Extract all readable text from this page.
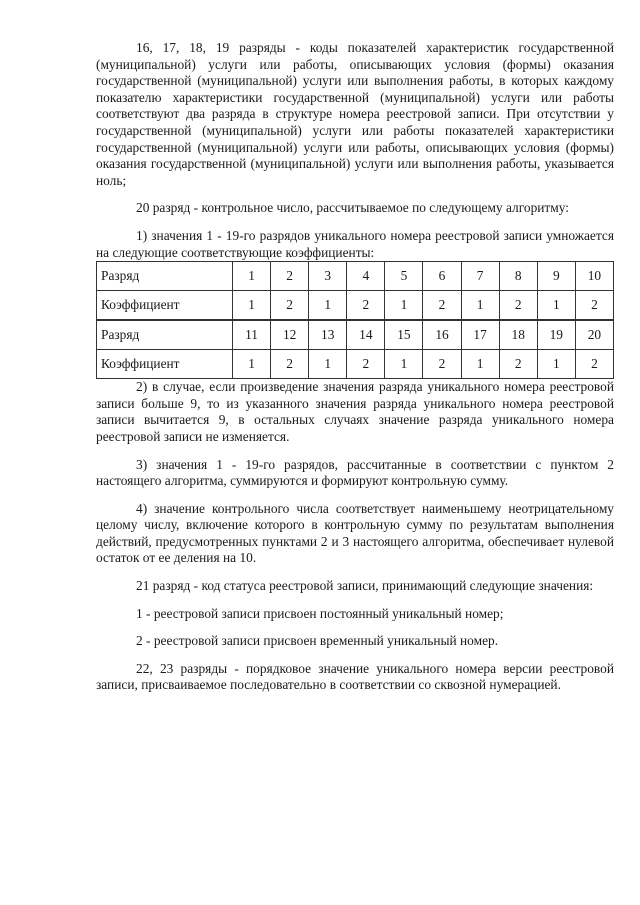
16, 17, 18, 19 разряды - коды показателей характеристик государственной (муниципальной) услуги или работы, описывающих условия (формы) оказания государственной (муниципальной) услуги или выполнения работы, в которых каждому показателю характеристики государственной (муниципальной) услуги или работы соответствуют два разряда в структуре номера реестровой записи. При отсутствии у государственной (муниципальной) услуги или работы показателей характеристики государственной (муниципальной) услуги или работы, описывающих условия (формы) оказания государственной (муниципальной) услуги или выполнения работы, указывается ноль;

20 разряд - контрольное число, рассчитываемое по следующему алгоритму:

1) значения 1 - 19-го разрядов уникального номера реестровой записи умножается на следующие соответствующие коэффициенты:

Разряд	1	2	3	4	5	6	7	8	9	10
Коэффициент	1	2	1	2	1	2	1	2	1	2
Разряд	11	12	13	14	15	16	17	18	19	20
Коэффициент	1	2	1	2	1	2	1	2	1	2

2) в случае, если произведение значения разряда уникального номера реестровой записи больше 9, то из указанного значения разряда уникального номера реестровой записи вычитается 9, в остальных случаях значение разряда уникального номера реестровой записи не изменяется.

3) значения 1 - 19-го разрядов, рассчитанные в соответствии с пунктом 2 настоящего алгоритма, суммируются и формируют контрольную сумму.

4) значение контрольного числа соответствует наименьшему неотрицательному целому числу, включение которого в контрольную сумму по результатам выполнения действий, предусмотренных пунктами 2 и 3 настоящего алгоритма, обеспечивает нулевой остаток от ее деления на 10.

21 разряд - код статуса реестровой записи, принимающий следующие значения:

1 - реестровой записи присвоен постоянный уникальный номер;

2 - реестровой записи присвоен временный уникальный номер.

22, 23 разряды - порядковое значение уникального номера версии реестровой записи, присваиваемое последовательно в соответствии со сквозной нумерацией.
